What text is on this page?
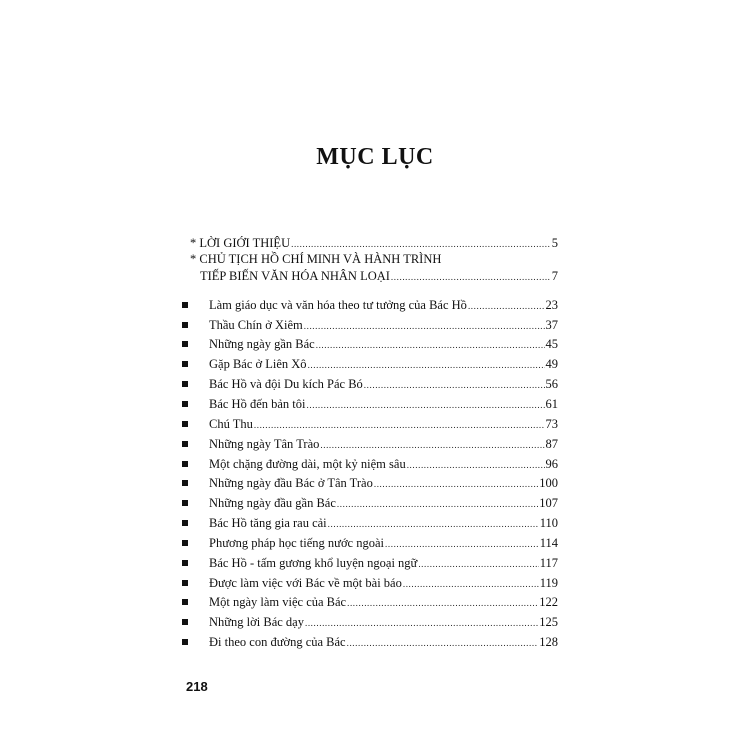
MỤC LỤC
* LỜI GIỚI THIỆU .....	5
* CHỦ TỊCH HỒ CHÍ MINH VÀ HÀNH TRÌNH
TIẾP BIẾN VĂN HÓA NHÂN LOẠI .....	7
Làm giáo dục và văn hóa theo tư tưởng của Bác Hồ .....	23
Thầu Chín ở Xiêm .....	37
Những ngày gần Bác .....	45
Gặp Bác ở Liên Xô .....	49
Bác Hồ và đội Du kích Pác Bó .....	56
Bác Hồ đến bản tôi .....	61
Chú Thu .....	73
Những ngày Tân Trào .....	87
Một chặng đường dài, một kỷ niệm sâu .....	96
Những ngày đầu Bác ở Tân Trào .....	100
Những ngày đầu gần Bác .....	107
Bác Hồ tăng gia rau cải .....	110
Phương pháp học tiếng nước ngoài .....	114
Bác Hồ - tấm gương khổ luyện ngoại ngữ .....	117
Được làm việc với Bác về một bài báo .....	119
Một ngày làm việc của Bác .....	122
Những lời Bác dạy .....	125
Đi theo con đường của Bác .....	128
218
